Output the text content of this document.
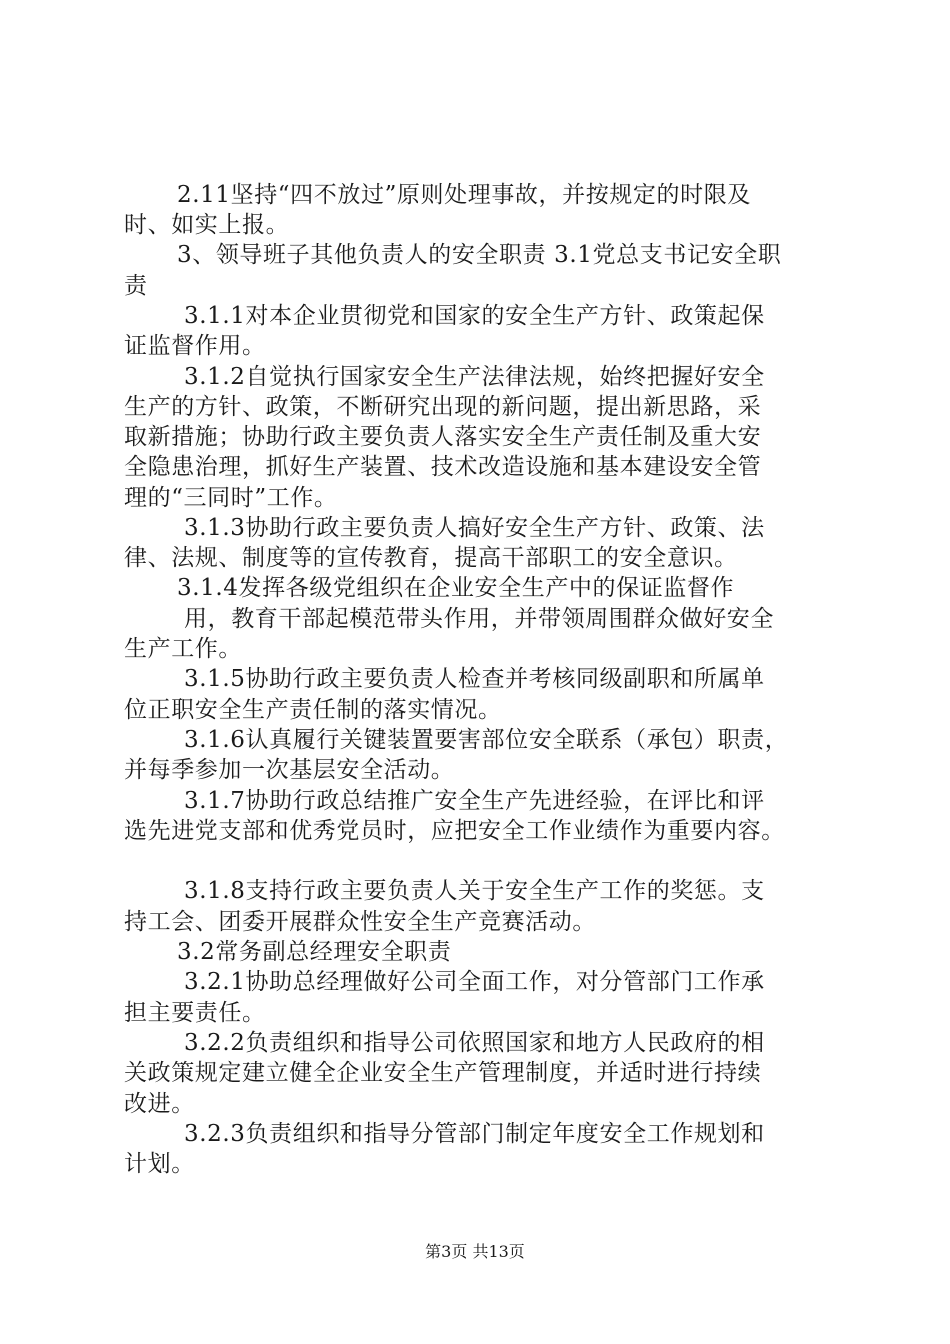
2.11坚持“四不放过”原则处理事故，并按规定的时限及
时、如实上报。
3、领导班子其他负责人的安全职责 3.1党总支书记安全职
责
3.1.1对本企业贯彻党和国家的安全生产方针、政策起保
证监督作用。
3.1.2自觉执行国家安全生产法律法规，始终把握好安全
生产的方针、政策，不断研究出现的新问题，提出新思路，采
取新措施；协助行政主要负责人落实安全生产责任制及重大安
全隐患治理，抓好生产装置、技术改造设施和基本建设安全管
理的“三同时”工作。
3.1.3协助行政主要负责人搞好安全生产方针、政策、法
律、法规、制度等的宣传教育，提高干部职工的安全意识。
3.1.4发挥各级党组织在企业安全生产中的保证监督作
用，教育干部起模范带头作用，并带领周围群众做好安全
生产工作。
3.1.5协助行政主要负责人检查并考核同级副职和所属单
位正职安全生产责任制的落实情况。
3.1.6认真履行关键装置要害部位安全联系（承包）职责，
并每季参加一次基层安全活动。
3.1.7协助行政总结推广安全生产先进经验，在评比和评
选先进党支部和优秀党员时，应把安全工作业绩作为重要内容。
3.1.8支持行政主要负责人关于安全生产工作的奖惩。支
持工会、团委开展群众性安全生产竞赛活动。
3.2常务副总经理安全职责
3.2.1协助总经理做好公司全面工作，对分管部门工作承
担主要责任。
3.2.2负责组织和指导公司依照国家和地方人民政府的相
关政策规定建立健全企业安全生产管理制度，并适时进行持续
改进。
3.2.3负责组织和指导分管部门制定年度安全工作规划和
计划。
第3页 共13页
